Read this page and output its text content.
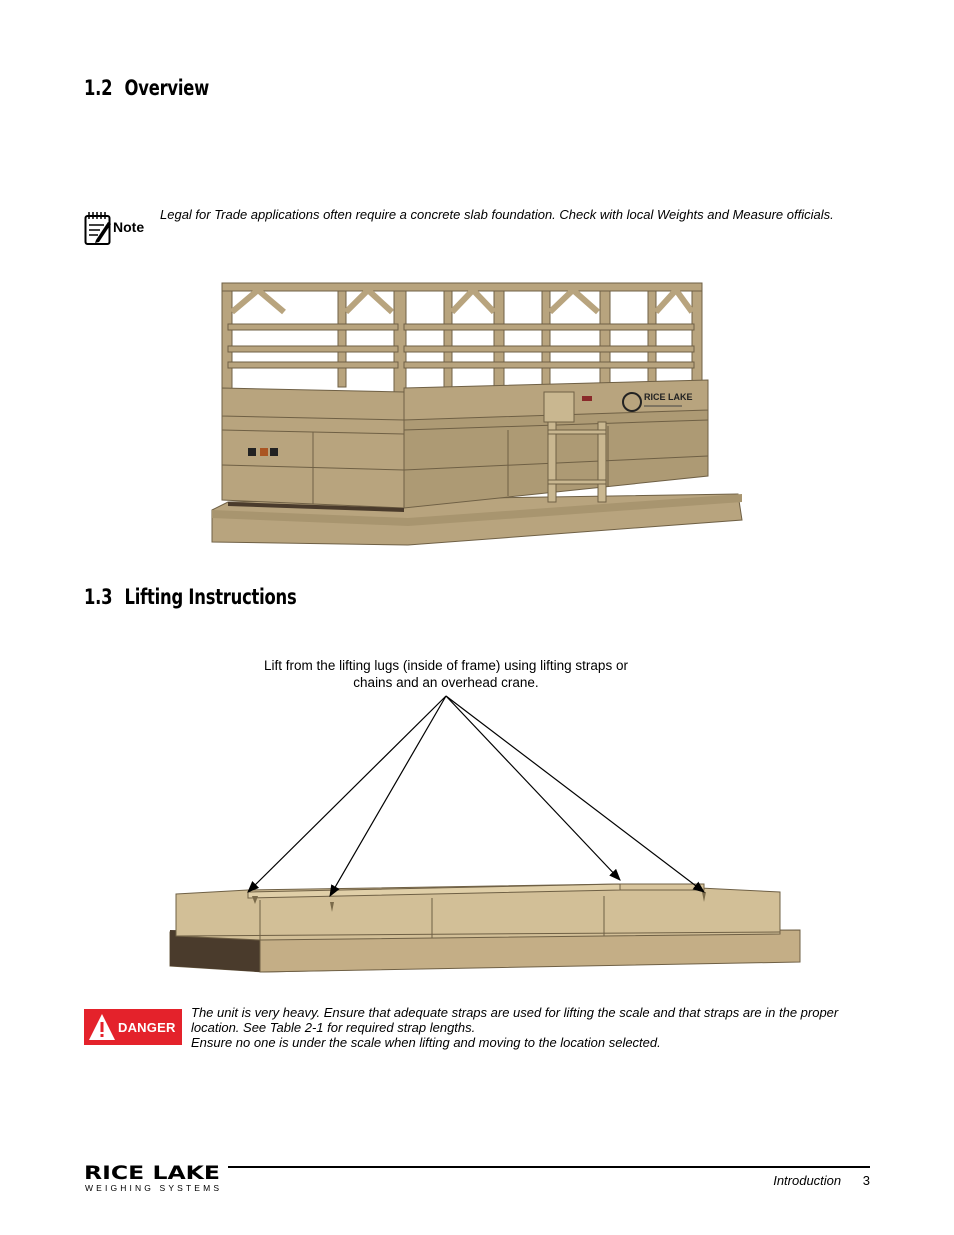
1.2 Overview
Note
Legal for Trade applications often require a concrete slab foundation. Check with local Weights and Measure officials.
RICE LAKE
1.3 Lifting Instructions
Lift from the lifting lugs (inside of frame) using lifting straps or chains and an overhead crane.
DANGER

The unit is very heavy. Ensure that adequate straps are used for lifting the scale and that straps are in the proper location. See Table 2-1 for required strap lengths.

Ensure no one is under the scale when lifting and moving to the location selected.

RICE LAKE
WEIGHING SYSTEMS	Introduction 3
